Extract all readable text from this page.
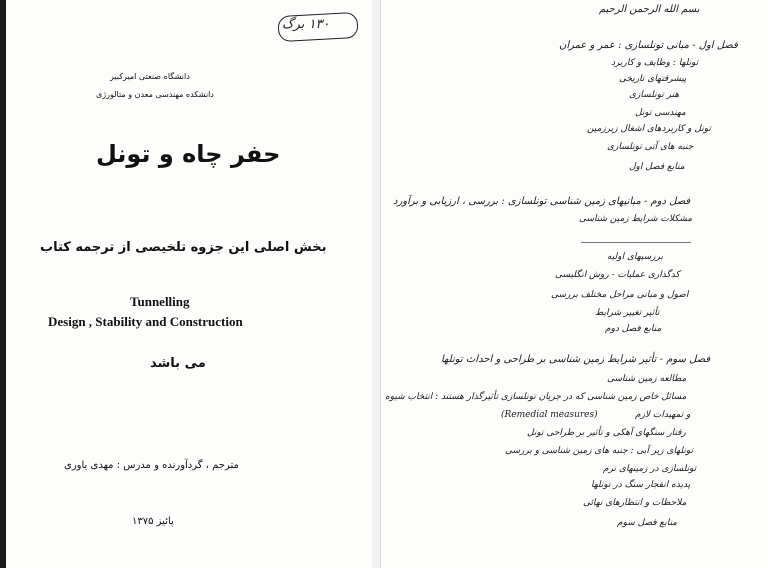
۱۳۰ برگ
دانشگاه صنعتی امیرکبیر
دانشکده مهندسی معدن و متالورژی
حفر چاه و تونل
بخش اصلی این جزوه تلخیصی از ترجمه کتاب
Tunnelling
Design , Stability and Construction
می باشد
مترجم ، گردآورنده و مدرس : مهدی یاوری
پائیز ۱۳۷۵
بسم الله الرحمن الرحیم
فصل اول - مبانی تونلسازی : عمر و عمران
تونلها : وظایف و کاربرد
پیشرفتهای تاریخی
هنر تونلسازی
مهندسی تونل
تونل و کاربردهای اشغال زیرزمین
جنبه های آتی تونلسازی
منابع فصل اول
فصل دوم - مبانیهای زمین شناسی تونلسازی : بررسی ، ارزیابی و برآورد
مشکلات شرایط زمین شناسی
بررسیهای اولیه
کدگذاری عملیات - روش انگلیسی
اصول و مبانی مراحل مختلف بررسی
تأثیر تغییر شرایط
منابع فصل دوم
فصل سوم - تأثیر شرایط زمین شناسی بر طراحی و احداث تونلها
مطالعه زمین شناسی
مسائل خاص زمین شناسی که در جریان تونلسازی تأثیرگذار هستند : انتخاب شیوه
و تمهیدات لازم
(Remedial measures)
رفتار سنگهای آهکی و تأثیر بر طراحی تونل
تونلهای زیر آبی : جنبه های زمین شناسی و بررسی
تونلسازی در زمینهای نرم
پدیده انفجار سنگ در تونلها
ملاحظات و انتظارهای نهائی
منابع فصل سوم
